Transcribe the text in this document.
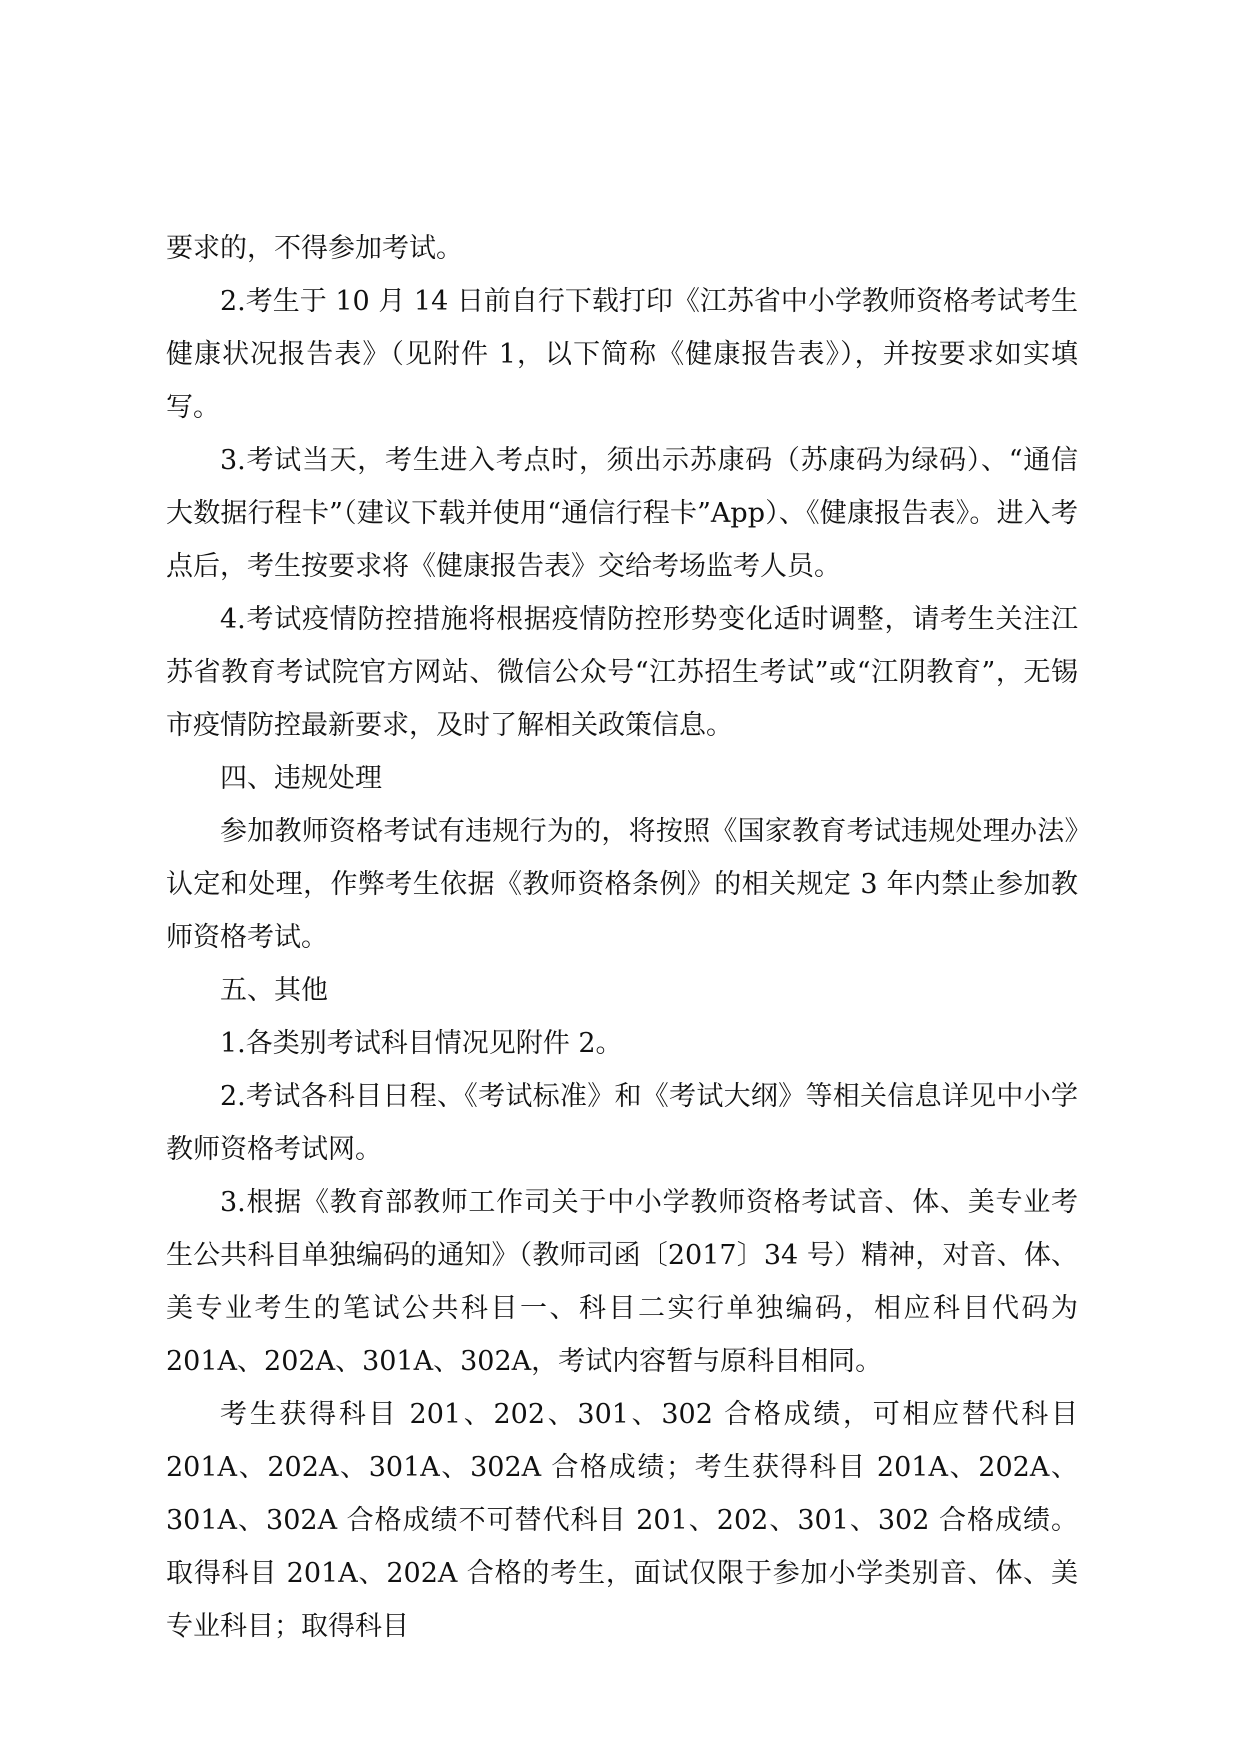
要求的，不得参加考试。

2.考生于 10 月 14 日前自行下载打印《江苏省中小学教师资格考试考生健康状况报告表》（见附件 1，以下简称《健康报告表》），并按要求如实填写。

3.考试当天，考生进入考点时，须出示苏康码（苏康码为绿码）、“通信大数据行程卡”（建议下载并使用“通信行程卡”App）、《健康报告表》。进入考点后，考生按要求将《健康报告表》交给考场监考人员。

4.考试疫情防控措施将根据疫情防控形势变化适时调整，请考生关注江苏省教育考试院官方网站、微信公众号“江苏招生考试”或“江阴教育”，无锡市疫情防控最新要求，及时了解相关政策信息。

四、违规处理

参加教师资格考试有违规行为的，将按照《国家教育考试违规处理办法》认定和处理，作弊考生依据《教师资格条例》的相关规定 3 年内禁止参加教师资格考试。

五、其他

1.各类别考试科目情况见附件 2。

2.考试各科目日程、《考试标准》和《考试大纲》等相关信息详见中小学教师资格考试网。

3.根据《教育部教师工作司关于中小学教师资格考试音、体、美专业考生公共科目单独编码的通知》（教师司函〔2017〕34 号）精神，对音、体、美专业考生的笔试公共科目一、科目二实行单独编码，相应科目代码为 201A、202A、301A、302A，考试内容暂与原科目相同。

考生获得科目 201、202、301、302 合格成绩，可相应替代科目 201A、202A、301A、302A 合格成绩；考生获得科目 201A、202A、301A、302A 合格成绩不可替代科目 201、202、301、302 合格成绩。取得科目 201A、202A 合格的考生，面试仅限于参加小学类别音、体、美专业科目；取得科目
